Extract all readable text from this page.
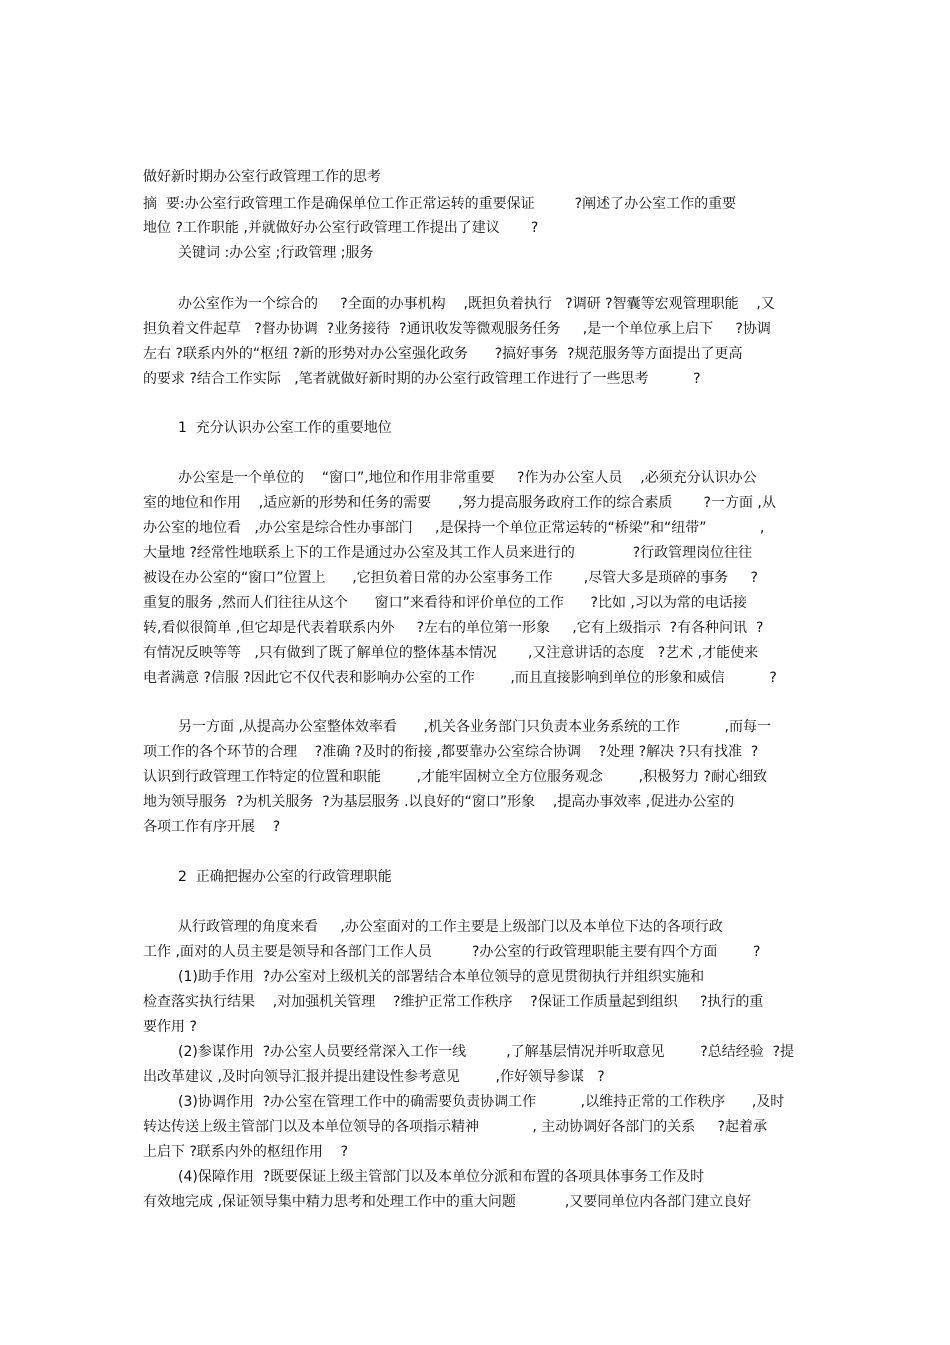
做好新时期办公室行政管理工作的思考
摘  要:办公室行政管理工作是确保单位工作正常运转的重要保证         ?阐述了办公室工作的重要
地位 ?工作职能 ,并就做好办公室行政管理工作提出了建议       ?
关键词 :办公室 ;行政管理 ;服务
办公室作为一个综合的     ?全面的办事机构    ,既担负着执行   ?调研 ?智囊等宏观管理职能    ,又
担负着文件起草   ?督办协调  ?业务接待  ?通讯收发等微观服务任务     ,是一个单位承上启下     ?协调
左右 ?联系内外的“枢纽 ?新的形势对办公室强化政务      ?搞好事务  ?规范服务等方面提出了更高
的要求 ?结合工作实际   ,笔者就做好新时期的办公室行政管理工作进行了一些思考          ?
1  充分认识办公室工作的重要地位
办公室是一个单位的    “窗口”,地位和作用非常重要     ?作为办公室人员    ,必须充分认识办公
室的地位和作用    ,适应新的形势和任务的需要      ,努力提高服务政府工作的综合素质       ?一方面 ,从
办公室的地位看   ,办公室是综合性办事部门     ,是保持一个单位正常运转的“桥梁”和“纽带”            ,
大量地 ?经常性地联系上下的工作是通过办公室及其工作人员来进行的             ?行政管理岗位往往
被设在办公室的“窗口”位置上      ,它担负着日常的办公室事务工作       ,尽管大多是琐碎的事务     ?
重复的服务 ,然而人们往往从这个      窗口”来看待和评价单位的工作      ?比如 ,习以为常的电话接
转,看似很简单 ,但它却是代表着联系内外     ?左右的单位第一形象     ,它有上级指示  ?有各种问讯  ?
有情况反映等等   ,只有做到了既了解单位的整体基本情况       ,又注意讲话的态度   ?艺术 ,才能使来
电者满意 ?信服 ?因此它不仅代表和影响办公室的工作        ,而且直接影响到单位的形象和威信          ?
另一方面 ,从提高办公室整体效率看      ,机关各业务部门只负责本业务系统的工作          ,而每一
项工作的各个环节的合理    ?准确 ?及时的衔接 ,都要靠办公室综合协调    ?处理 ?解决 ?只有找准  ?
认识到行政管理工作特定的位置和职能        ,才能牢固树立全方位服务观念        ,积极努力 ?耐心细致
地为领导服务  ?为机关服务  ?为基层服务 .以良好的“窗口”形象    ,提高办事效率 ,促进办公室的
各项工作有序开展    ?
2  正确把握办公室的行政管理职能
从行政管理的角度来看     ,办公室面对的工作主要是上级部门以及本单位下达的各项行政
工作 ,面对的人员主要是领导和各部门工作人员         ?办公室的行政管理职能主要有四个方面        ?
(1)助手作用  ?办公室对上级机关的部署结合本单位领导的意见贯彻执行并组织实施和
检查落实执行结果    ,对加强机关管理    ?维护正常工作秩序    ?保证工作质量起到组织     ?执行的重
要作用 ?
(2)参谋作用  ?办公室人员要经常深入工作一线         ,了解基层情况并听取意见        ?总结经验  ?提
出改革建议 ,及时向领导汇报并提出建设性参考意见        ,作好领导参谋   ?
(3)协调作用  ?办公室在管理工作中的确需要负责协调工作          ,以维持正常的工作秩序      ,及时
转达传送上级主管部门以及本单位领导的各项指示精神            , 主动协调好各部门的关系     ?起着承
上启下 ?联系内外的枢纽作用    ?
(4)保障作用  ?既要保证上级主管部门以及本单位分派和布置的各项具体事务工作及时
有效地完成 ,保证领导集中精力思考和处理工作中的重大问题           ,又要同单位内各部门建立良好
